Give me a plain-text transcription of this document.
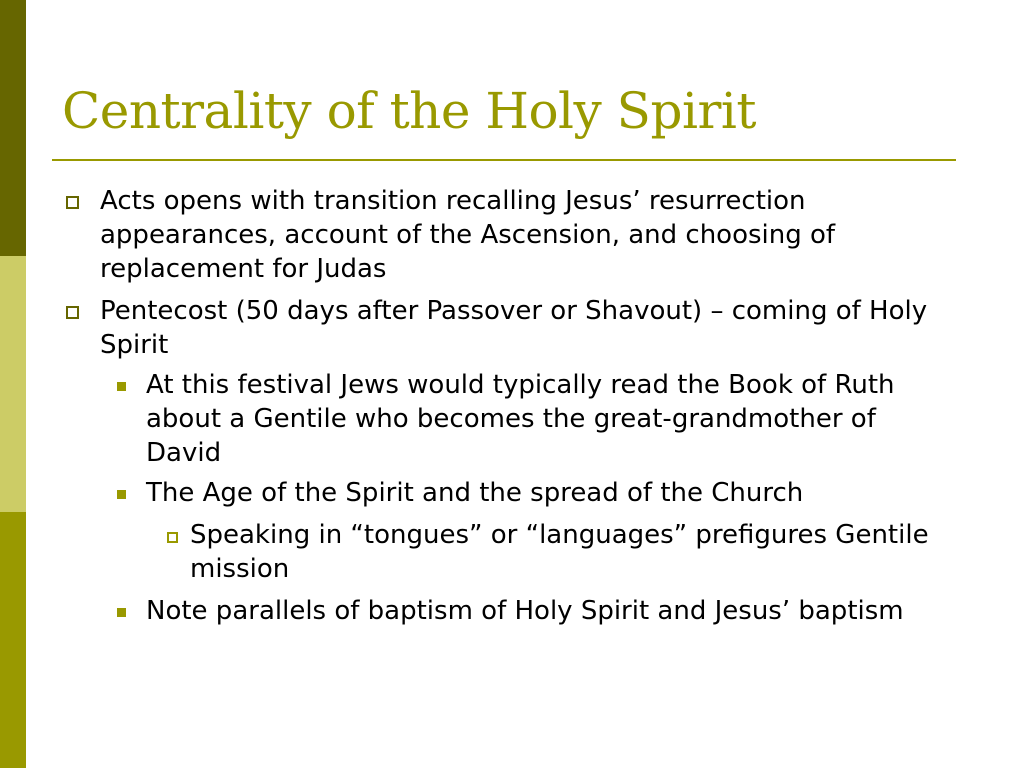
Centrality of the Holy Spirit
Acts opens with transition recalling Jesus’ resurrection appearances, account of the Ascension, and choosing of replacement for Judas
Pentecost (50 days after Passover or Shavout) – coming of Holy Spirit
At this festival Jews would typically read the Book of Ruth about a Gentile who becomes the great-grandmother of David
The Age of the Spirit and the spread of the Church
Speaking in “tongues” or “languages” prefigures Gentile mission
Note parallels of baptism of Holy Spirit and Jesus’ baptism
